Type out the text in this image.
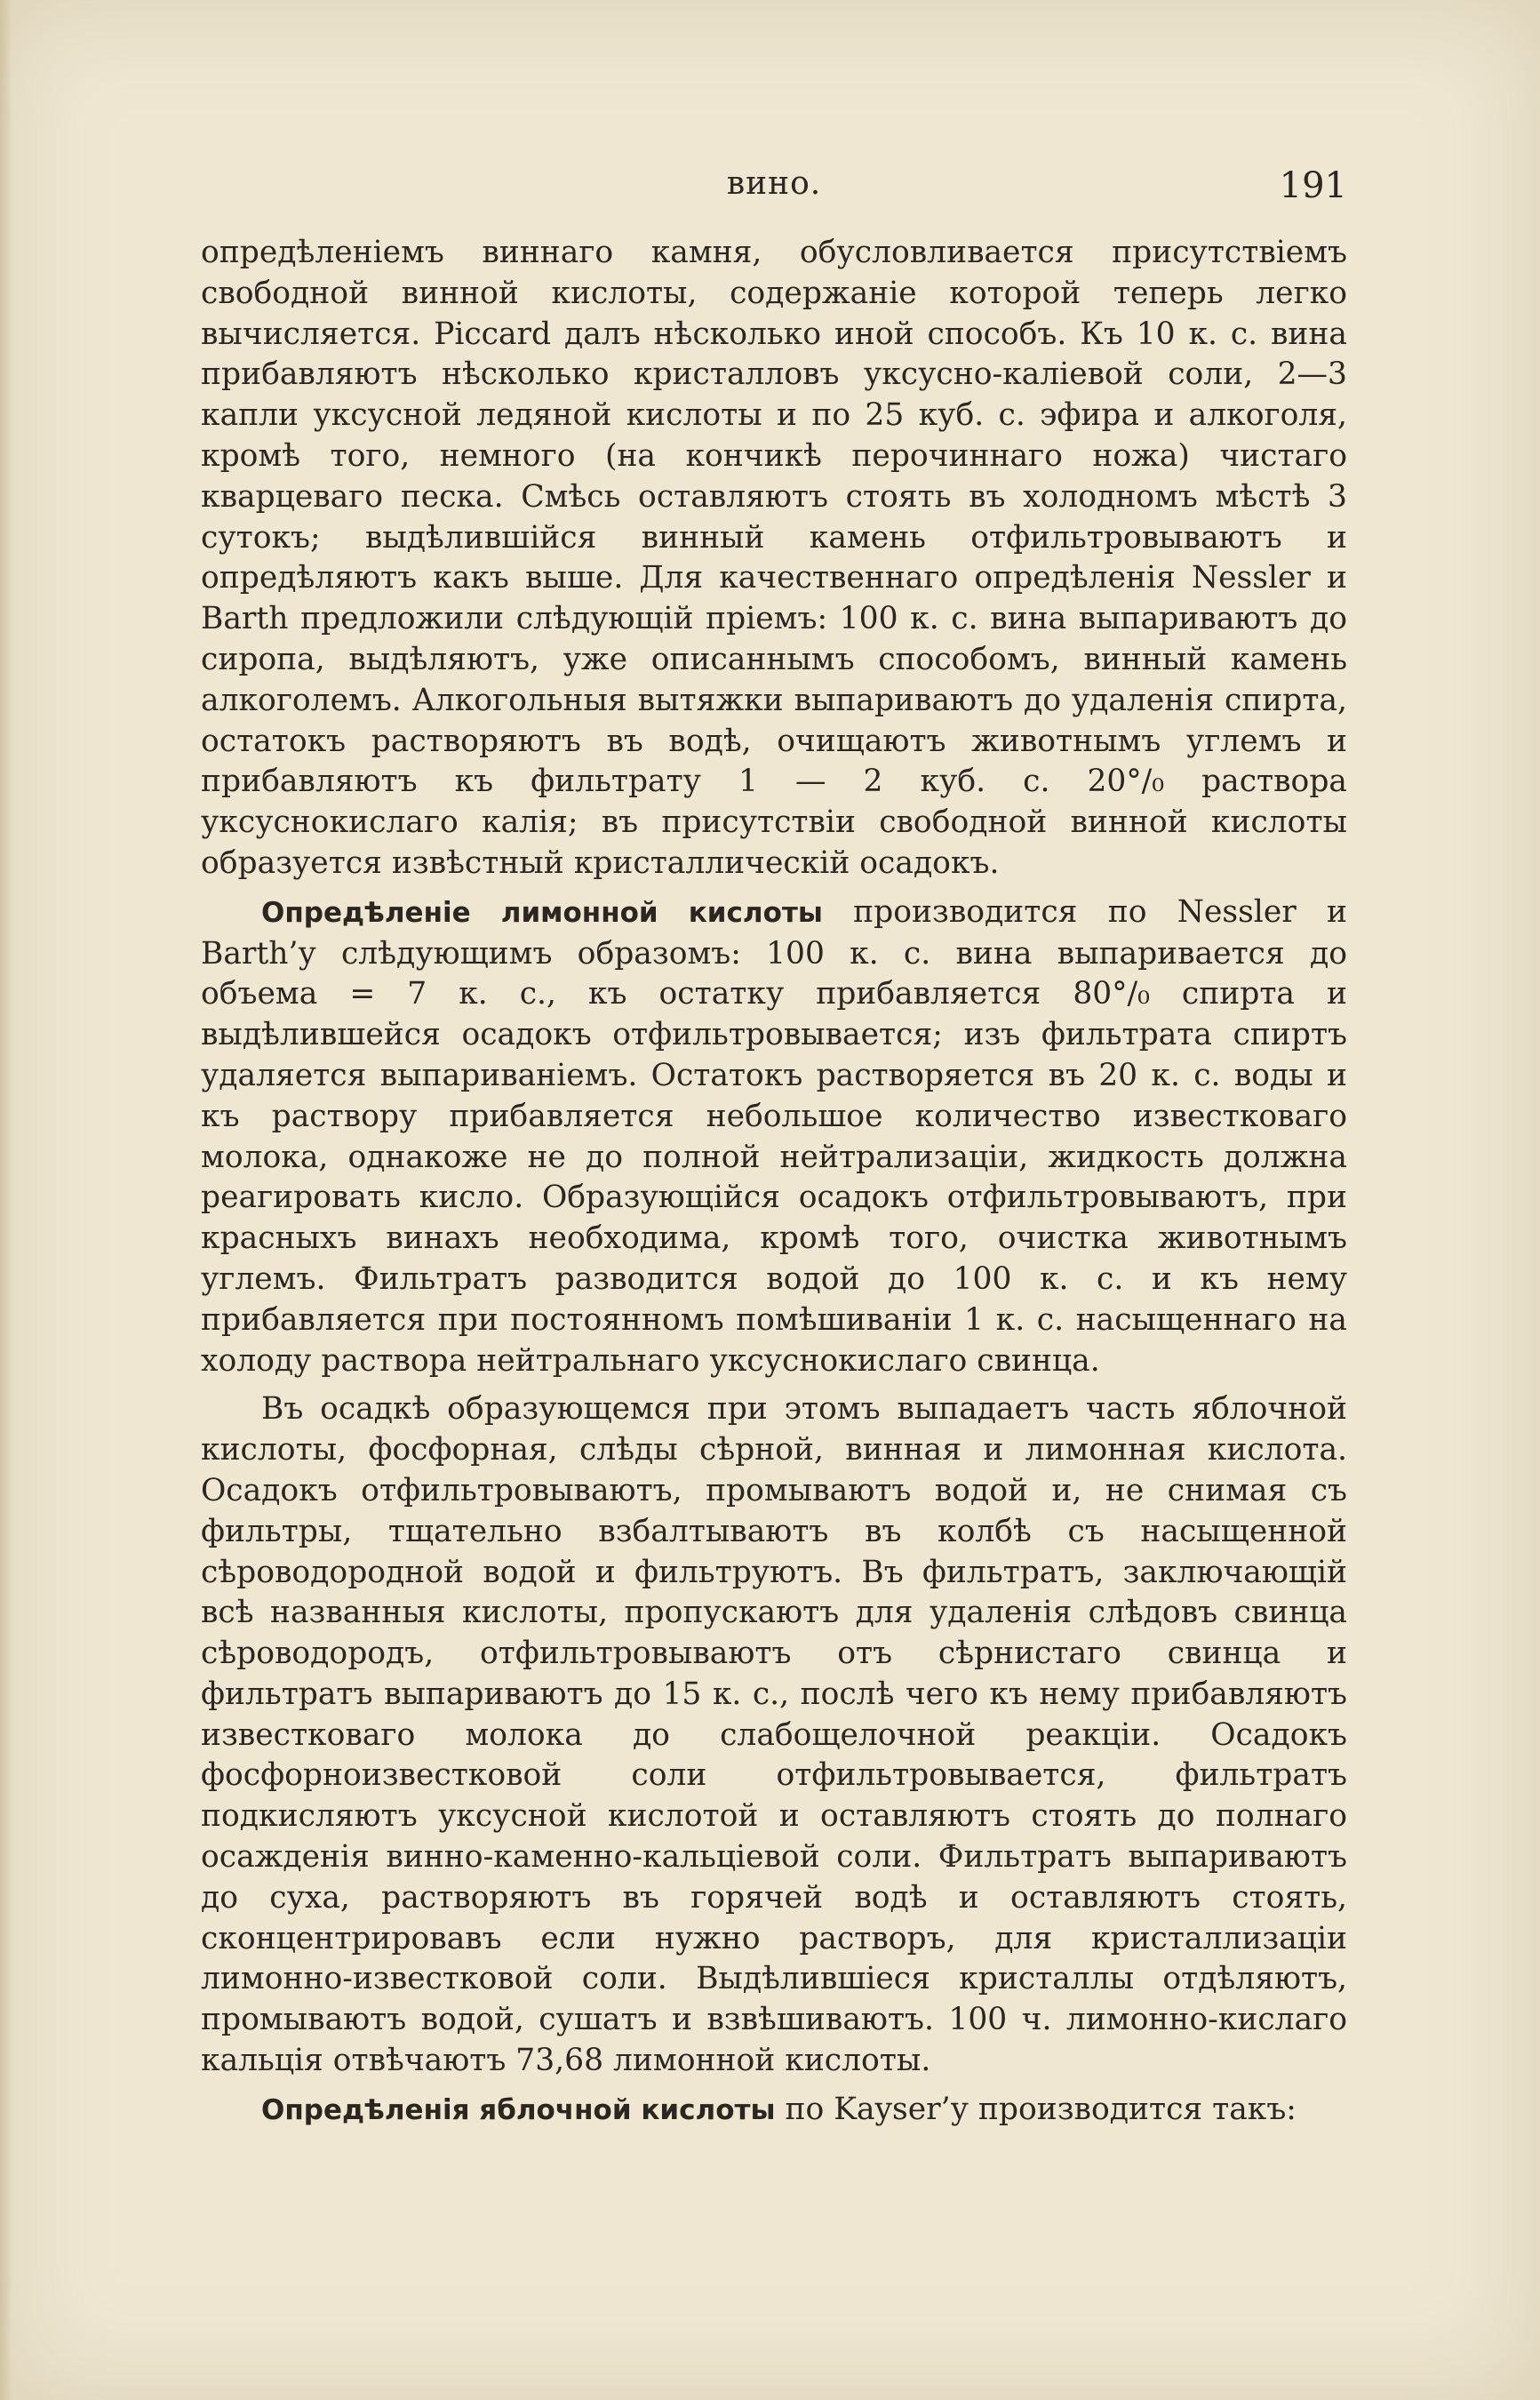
вино.	191

опредѣленіемъ виннаго камня, обусловливается присутствіемъ свободной винной кислоты, содержаніе которой теперь легко вычисляется. Piccard далъ нѣсколько иной способъ. Къ 10 к. с. вина прибавляютъ нѣсколько кристалловъ уксусно-каліевой соли, 2—3 капли уксусной ледяной кислоты и по 25 куб. с. эфира и алкоголя, кромѣ того, немного (на кончикѣ перочиннаго ножа) чистаго кварцеваго песка. Смѣсь оставляютъ стоять въ холодномъ мѣстѣ 3 сутокъ; выдѣлившійся винный камень отфильтровываютъ и опредѣляютъ какъ выше. Для качественнаго опредѣленія Nessler и Barth предложили слѣдующій пріемъ: 100 к. с. вина выпариваютъ до сиропа, выдѣляютъ, уже описаннымъ способомъ, винный камень алкоголемъ. Алкогольныя вытяжки выпариваютъ до удаленія спирта, остатокъ растворяютъ въ водѣ, очищаютъ животнымъ углемъ и прибавляютъ къ фильтрату 1 — 2 куб. с. 20°/₀ раствора уксуснокислаго калія; въ присутствіи свободной винной кислоты образуется извѣстный кристаллическій осадокъ.

Опредѣленіе лимонной кислоты производится по Nessler и Barth’у слѣдующимъ образомъ: 100 к. с. вина выпаривается до объема = 7 к. с., къ остатку прибавляется 80°/₀ спирта и выдѣлившейся осадокъ отфильтровывается; изъ фильтрата спиртъ удаляется выпариваніемъ. Остатокъ растворяется въ 20 к. с. воды и къ раствору прибавляется небольшое количество известковаго молока, однакоже не до полной нейтрализаціи, жидкость должна реагировать кисло. Образующійся осадокъ отфильтровываютъ, при красныхъ винахъ необходима, кромѣ того, очистка животнымъ углемъ. Фильтратъ разводится водой до 100 к. с. и къ нему прибавляется при постоянномъ помѣшиваніи 1 к. с. насыщеннаго на холоду раствора нейтральнаго уксуснокислаго свинца.

Въ осадкѣ образующемся при этомъ выпадаетъ часть яблочной кислоты, фосфорная, слѣды сѣрной, винная и лимонная кислота. Осадокъ отфильтровываютъ, промываютъ водой и, не снимая съ фильтры, тщательно взбалтываютъ въ колбѣ съ насыщенной сѣроводородной водой и фильтруютъ. Въ фильтратъ, заключающій всѣ названныя кислоты, пропускаютъ для удаленія слѣдовъ свинца сѣроводородъ, отфильтровываютъ отъ сѣрнистаго свинца и фильтратъ выпариваютъ до 15 к. с., послѣ чего къ нему прибавляютъ известковаго молока до слабощелочной реакціи. Осадокъ фосфорноизвестковой соли отфильтровывается, фильтратъ подкисляютъ уксусной кислотой и оставляютъ стоять до полнаго осажденія винно-каменно-кальціевой соли. Фильтратъ выпариваютъ до суха, растворяютъ въ горячей водѣ и оставляютъ стоять, сконцентрировавъ если нужно растворъ, для кристаллизаціи лимонно-известковой соли. Выдѣлившіеся кристаллы отдѣляютъ, промываютъ водой, сушатъ и взвѣшиваютъ. 100 ч. лимонно-кислаго кальція отвѣчаютъ 73,68 лимонной кислоты.

Опредѣленія яблочной кислоты по Kayser’у производится такъ:
